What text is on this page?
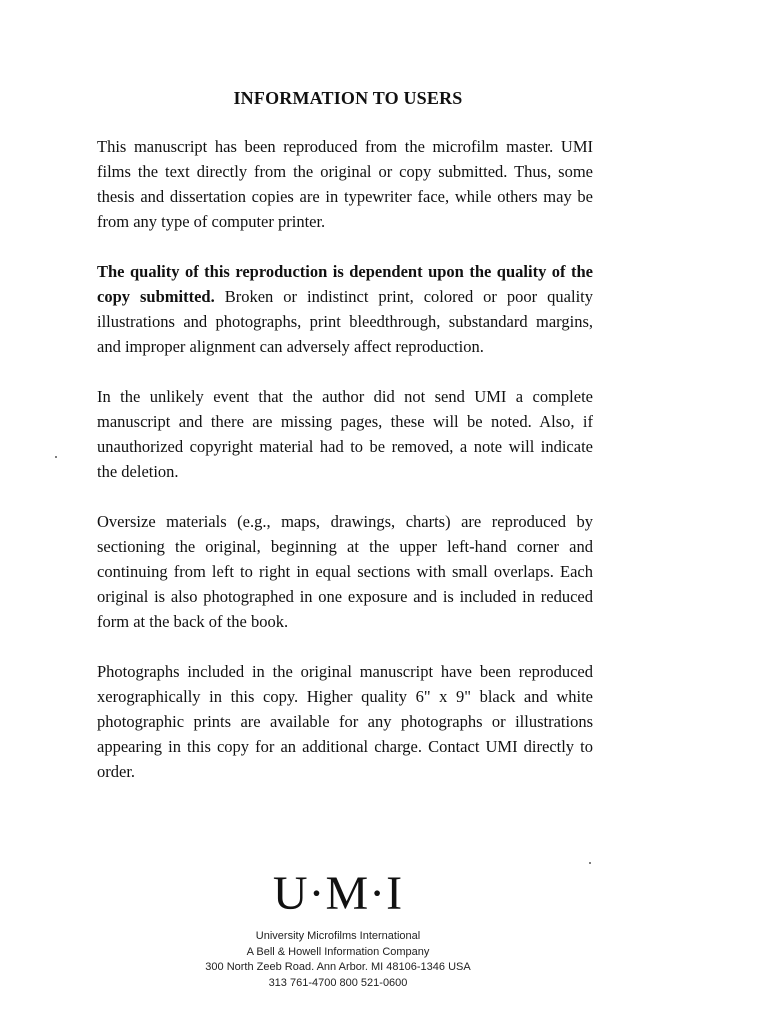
INFORMATION TO USERS
This manuscript has been reproduced from the microfilm master. UMI films the text directly from the original or copy submitted. Thus, some thesis and dissertation copies are in typewriter face, while others may be from any type of computer printer.
The quality of this reproduction is dependent upon the quality of the copy submitted. Broken or indistinct print, colored or poor quality illustrations and photographs, print bleedthrough, substandard margins, and improper alignment can adversely affect reproduction.
In the unlikely event that the author did not send UMI a complete manuscript and there are missing pages, these will be noted. Also, if unauthorized copyright material had to be removed, a note will indicate the deletion.
Oversize materials (e.g., maps, drawings, charts) are reproduced by sectioning the original, beginning at the upper left-hand corner and continuing from left to right in equal sections with small overlaps. Each original is also photographed in one exposure and is included in reduced form at the back of the book.
Photographs included in the original manuscript have been reproduced xerographically in this copy. Higher quality 6" x 9" black and white photographic prints are available for any photographs or illustrations appearing in this copy for an additional charge. Contact UMI directly to order.
U·M·I
University Microfilms International
A Bell & Howell Information Company
300 North Zeeb Road. Ann Arbor. MI 48106-1346 USA
313 761-4700 800 521-0600
